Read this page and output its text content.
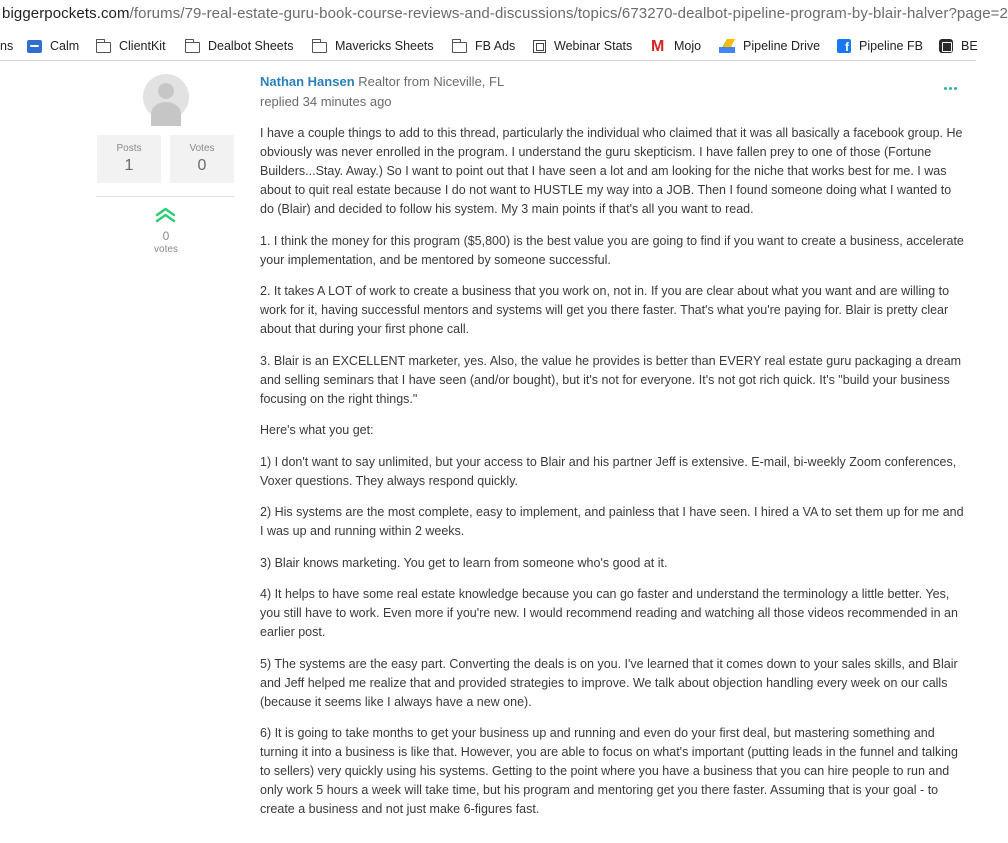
biggerpockets.com/forums/79-real-estate-guru-book-course-reviews-and-discussions/topics/673270-dealbot-pipeline-program-by-blair-halver?page=2
ns	Calm	ClientKit	Dealbot Sheets	Mavericks Sheets	FB Ads	Webinar Stats M Mojo	Pipeline Drive	f Pipeline FB	BE
Posts
1
Votes
0
0
votes
Nathan Hansen Realtor from Niceville, FL
replied 34 minutes ago

I have a couple things to add to this thread, particularly the individual who claimed that it was all basically a facebook group. He obviously was never enrolled in the program. I understand the guru skepticism. I have fallen prey to one of those (Fortune Builders...Stay. Away.) So I want to point out that I have seen a lot and am looking for the niche that works best for me. I was about to quit real estate because I do not want to HUSTLE my way into a JOB. Then I found someone doing what I wanted to do (Blair) and decided to follow his system. My 3 main points if that's all you want to read.

1. I think the money for this program ($5,800) is the best value you are going to find if you want to create a business, accelerate your implementation, and be mentored by someone successful.

2. It takes A LOT of work to create a business that you work on, not in. If you are clear about what you want and are willing to work for it, having successful mentors and systems will get you there faster. That's what you're paying for. Blair is pretty clear about that during your first phone call.

3. Blair is an EXCELLENT marketer, yes. Also, the value he provides is better than EVERY real estate guru packaging a dream and selling seminars that I have seen (and/or bought), but it's not for everyone. It's not got rich quick. It's "build your business focusing on the right things."

Here's what you get:

1) I don't want to say unlimited, but your access to Blair and his partner Jeff is extensive. E-mail, bi-weekly Zoom conferences, Voxer questions. They always respond quickly.

2) His systems are the most complete, easy to implement, and painless that I have seen. I hired a VA to set them up for me and I was up and running within 2 weeks.

3) Blair knows marketing. You get to learn from someone who's good at it.

4) It helps to have some real estate knowledge because you can go faster and understand the terminology a little better. Yes, you still have to work. Even more if you're new. I would recommend reading and watching all those videos recommended in an earlier post.

5) The systems are the easy part. Converting the deals is on you. I've learned that it comes down to your sales skills, and Blair and Jeff helped me realize that and provided strategies to improve. We talk about objection handling every week on our calls (because it seems like I always have a new one).

6) It is going to take months to get your business up and running and even do your first deal, but mastering something and turning it into a business is like that. However, you are able to focus on what's important (putting leads in the funnel and talking to sellers) very quickly using his systems. Getting to the point where you have a business that you can hire people to run and only work 5 hours a week will take time, but his program and mentoring get you there faster. Assuming that is your goal - to create a business and not just make 6-figures fast.
